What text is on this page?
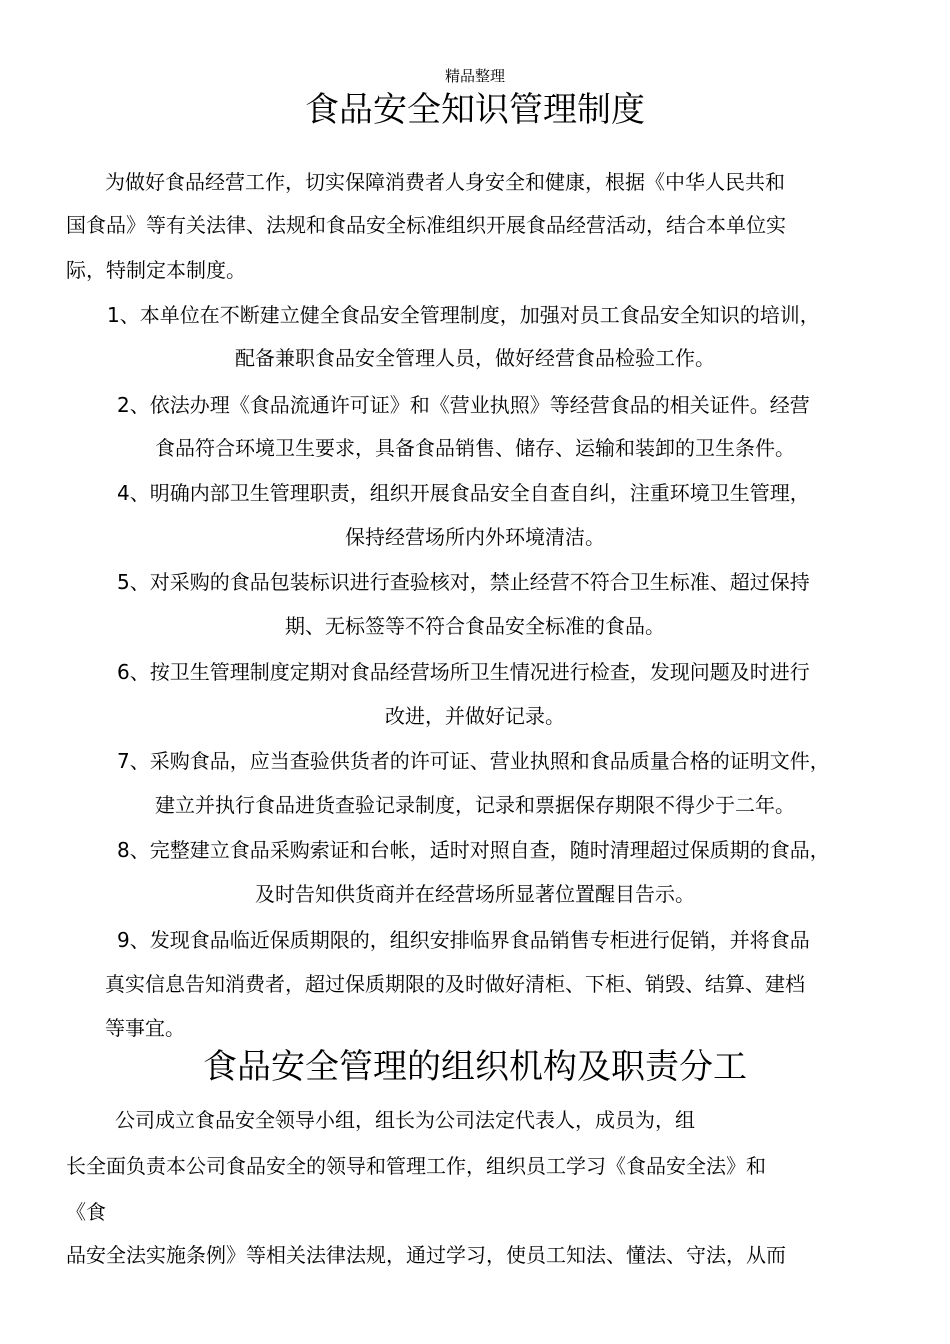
精品整理
食品安全知识管理制度
为做好食品经营工作，切实保障消费者人身安全和健康，根据《中华人民共和
国食品》等有关法律、法规和食品安全标准组织开展食品经营活动，结合本单位实
际，特制定本制度。
1、本单位在不断建立健全食品安全管理制度，加强对员工食品安全知识的培训，
配备兼职食品安全管理人员，做好经营食品检验工作。
2、依法办理《食品流通许可证》和《营业执照》等经营食品的相关证件。经营
食品符合环境卫生要求，具备食品销售、储存、运输和装卸的卫生条件。
4、明确内部卫生管理职责，组织开展食品安全自查自纠，注重环境卫生管理，
保持经营场所内外环境清洁。
5、对采购的食品包装标识进行查验核对，禁止经营不符合卫生标准、超过保持
期、无标签等不符合食品安全标准的食品。
6、按卫生管理制度定期对食品经营场所卫生情况进行检查，发现问题及时进行
改进，并做好记录。
7、采购食品，应当查验供货者的许可证、营业执照和食品质量合格的证明文件，
建立并执行食品进货查验记录制度，记录和票据保存期限不得少于二年。
8、完整建立食品采购索证和台帐，适时对照自查，随时清理超过保质期的食品，
及时告知供货商并在经营场所显著位置醒目告示。
9、发现食品临近保质期限的，组织安排临界食品销售专柜进行促销，并将食品
真实信息告知消费者，超过保质期限的及时做好清柜、下柜、销毁、结算、建档
等事宜。
食品安全管理的组织机构及职责分工
公司成立食品安全领导小组，组长为公司法定代表人，成员为，组
长全面负责本公司食品安全的领导和管理工作，组织员工学习《食品安全法》和
《食
品安全法实施条例》等相关法律法规，通过学习，使员工知法、懂法、守法，从而
